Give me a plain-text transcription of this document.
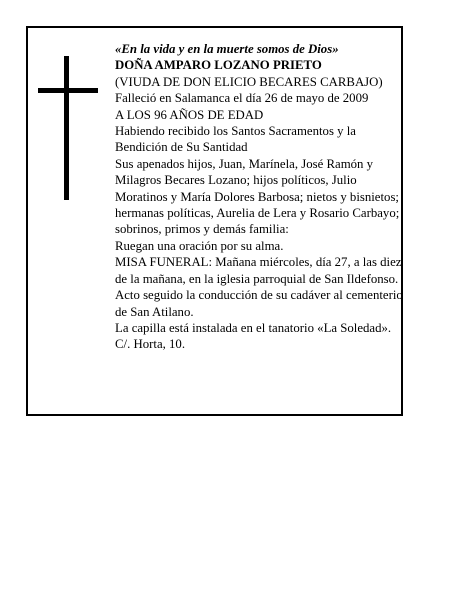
«En la vida y en la muerte somos de Dios»

DOÑA AMPARO LOZANO PRIETO

(VIUDA DE DON ELICIO BECARES CARBAJO)

Falleció en Salamanca el día 26 de mayo de 2009

A LOS 96 AÑOS DE EDAD

Habiendo recibido los Santos Sacramentos y la Bendición de Su Santidad

Sus apenados hijos, Juan, Marínela, José Ramón y Milagros Becares Lozano; hijos políticos, Julio Moratinos y María Dolores Barbosa; nietos y bisnietos; hermanas políticas, Aurelia de Lera y Rosario Carbayo; sobrinos, primos y demás familia:

Ruegan una oración por su alma.

MISA FUNERAL: Mañana miércoles, día 27, a las diez de la mañana, en la iglesia parroquial de San Ildefonso.

Acto seguido la conducción de su cadáver al cementerio de San Atilano.

La capilla está instalada en el tanatorio «La Soledad».

C/. Horta, 10.
